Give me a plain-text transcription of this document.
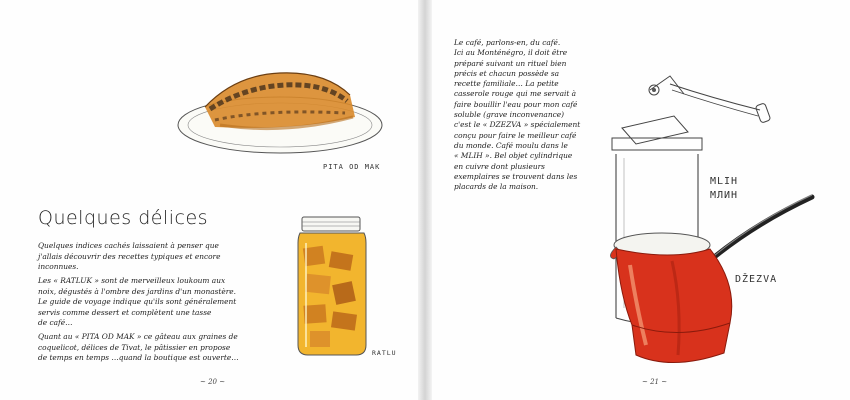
PITA OD MAK
Quelques délices

Quelques indices cachés laissaient à penser que
j'allais découvrir des recettes typiques et encore
inconnues.

Les « RATLUK » sont de merveilleux loukoum aux
noix, dégustés à l'ombre des jardins d'un monastère.
Le guide de voyage indique qu'ils sont généralement
servis comme dessert et complètent une tasse
de café…

Quant au « PITA OD MAK » ce gâteau aux graines de
coquelicot, délices de Tivat, le pâtissier en propose
de temps en temps …quand la boutique est ouverte…

RATLU
~ 20 ~

Le café, parlons-en, du café.
Ici au Monténégro, il doit être
préparé suivant un rituel bien
précis et chacun possède sa
recette familiale… La petite
casserole rouge qui me servait à
faire bouillir l'eau pour mon café
soluble (grave inconvenance)
c'est le « DZEZVA » spécialement
conçu pour faire le meilleur café
du monde. Café moulu dans le
« MLIH ». Bel objet cylindrique
en cuivre dont plusieurs
exemplaires se trouvent dans les
placards de la maison.	MLIH
МЛИН
DŽEZVA
~ 21 ~
